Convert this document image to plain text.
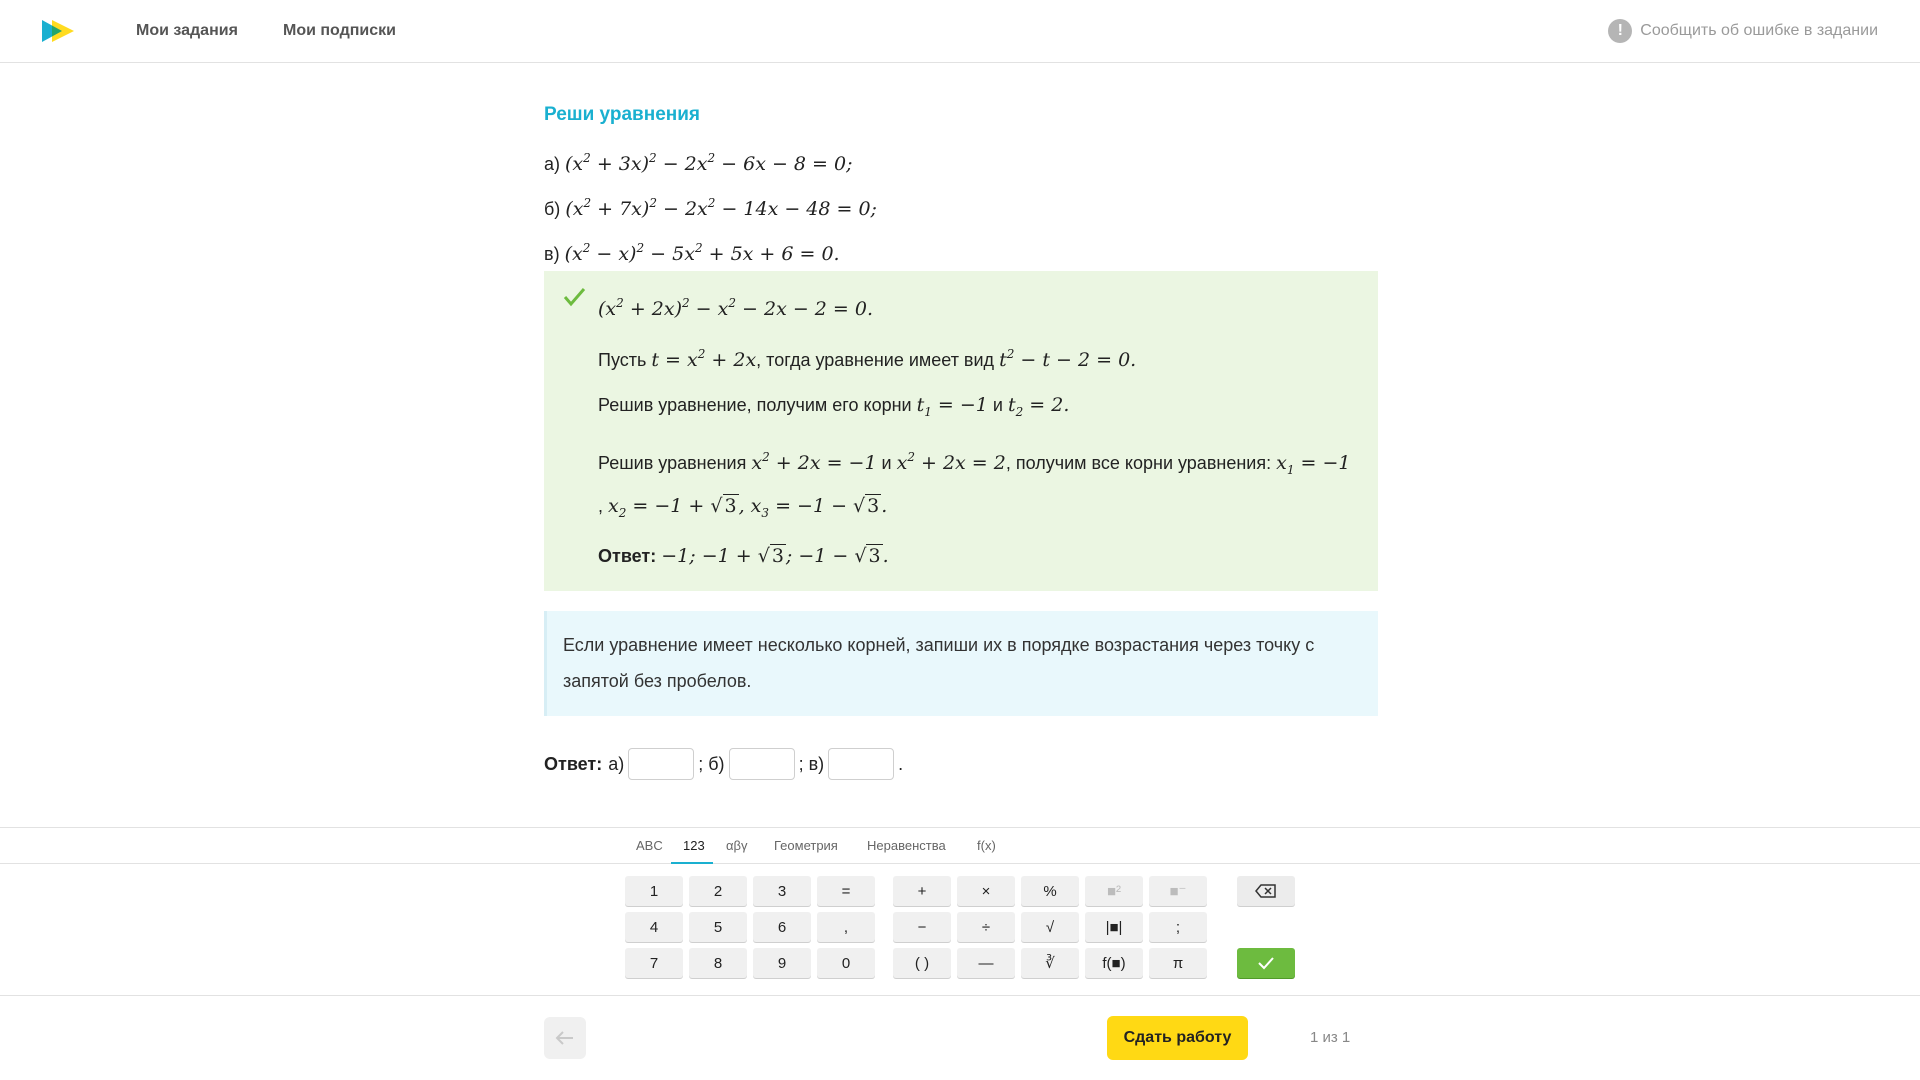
Мои задания	Мои подписки	!	Сообщить об ошибке в задании
Реши уравнения
а) $(x^2 + 3x)^2 - 2x^2 - 6x - 8 = 0$;
б) $(x^2 + 7x)^2 - 2x^2 - 14x - 48 = 0$;
в) $(x^2 - x)^2 - 5x^2 + 5x + 6 = 0$.
$(x^2 + 2x)^2 - x^2 - 2x - 2 = 0$.
Пусть $t = x^2 + 2x$, тогда уравнение имеет вид $t^2 - t - 2 = 0$.
Решив уравнение, получим его корни $t_1 = -1$ и $t_2 = 2$.
Решив уравнения $x^2 + 2x = -1$ и $x^2 + 2x = 2$, получим все корни уравнения: $x_1 = -1$
, $x_2 = -1$ + √ 3 , $x_3 = -1$ − √ 3 .
Ответ: −1; −1 + √ 3 ; −1 − √ 3 .
Если уравнение имеет несколько корней, запиши их в порядке возрастания через точку с запятой без пробелов.
Ответ: а)	; б)	; в)	.
ABC 123 αβγ Геометрия Неравенства f(x)
1	2	3	=	+	×	%	■²	■⁻
4	5	6	,	−	÷	√	|■|	;
7	8	9	0	( )	—	∛	f(■)	π
Сдать работу	1 из 1
